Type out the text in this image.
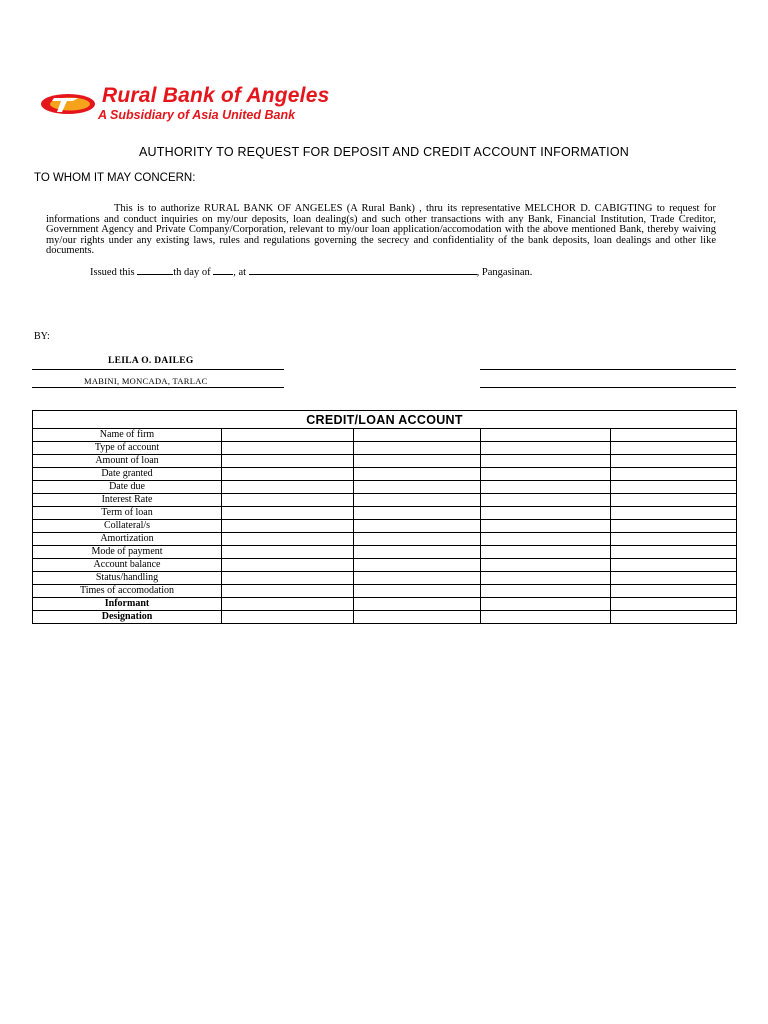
Rural Bank of Angeles
A Subsidiary of Asia United Bank
AUTHORITY TO REQUEST FOR DEPOSIT AND CREDIT ACCOUNT INFORMATION
TO WHOM IT MAY CONCERN:
This is to authorize RURAL BANK OF ANGELES (A Rural Bank) , thru its representative MELCHOR D. CABIGTING to request for informations and conduct inquiries on my/our deposits, loan dealing(s) and such other transactions with any Bank, Financial Institution, Trade Creditor, Government Agency and Private Company/Corporation, relevant to my/our loan application/accomodation with the above mentioned Bank, thereby waiving my/our rights under any existing laws, rules and regulations governing the secrecy and confidentiality of the bank deposits, loan dealings and other like documents.
Issued this	th day of , at	, Pangasinan.
BY:
LEILA O. DAILEG
MABINI, MONCADA, TARLAC
CREDIT/LOAN ACCOUNT				
Name of firm				
Type of account				
Amount of loan				
Date granted				
Date due				
Interest Rate				
Term of loan				
Collateral/s				
Amortization				
Mode of payment				
Account balance				
Status/handling				
Times of accomodation				
Informant				
Designation				
